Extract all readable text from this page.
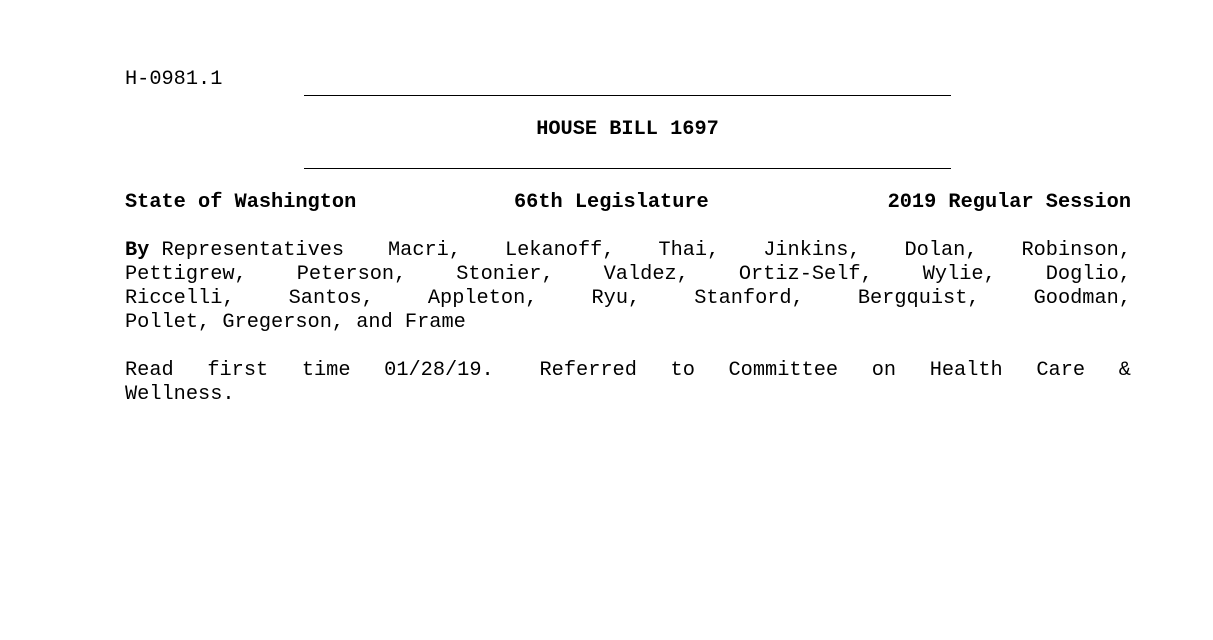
H-0981.1
HOUSE BILL 1697

State of Washington

	66th Legislature

	2019 Regular Session

By Representatives Macri, Lekanoff, Thai, Jinkins, Dolan, Robinson,
Pettigrew, Peterson, Stonier, Valdez, Ortiz-Self, Wylie, Doglio,
Riccelli,	Santos,	Appleton,	Ryu,	Stanford,	Bergquist,	Goodman,
Pollet, Gregerson, and Frame
Read first time 01/28/19. Referred to Committee on Health Care &
Wellness.
